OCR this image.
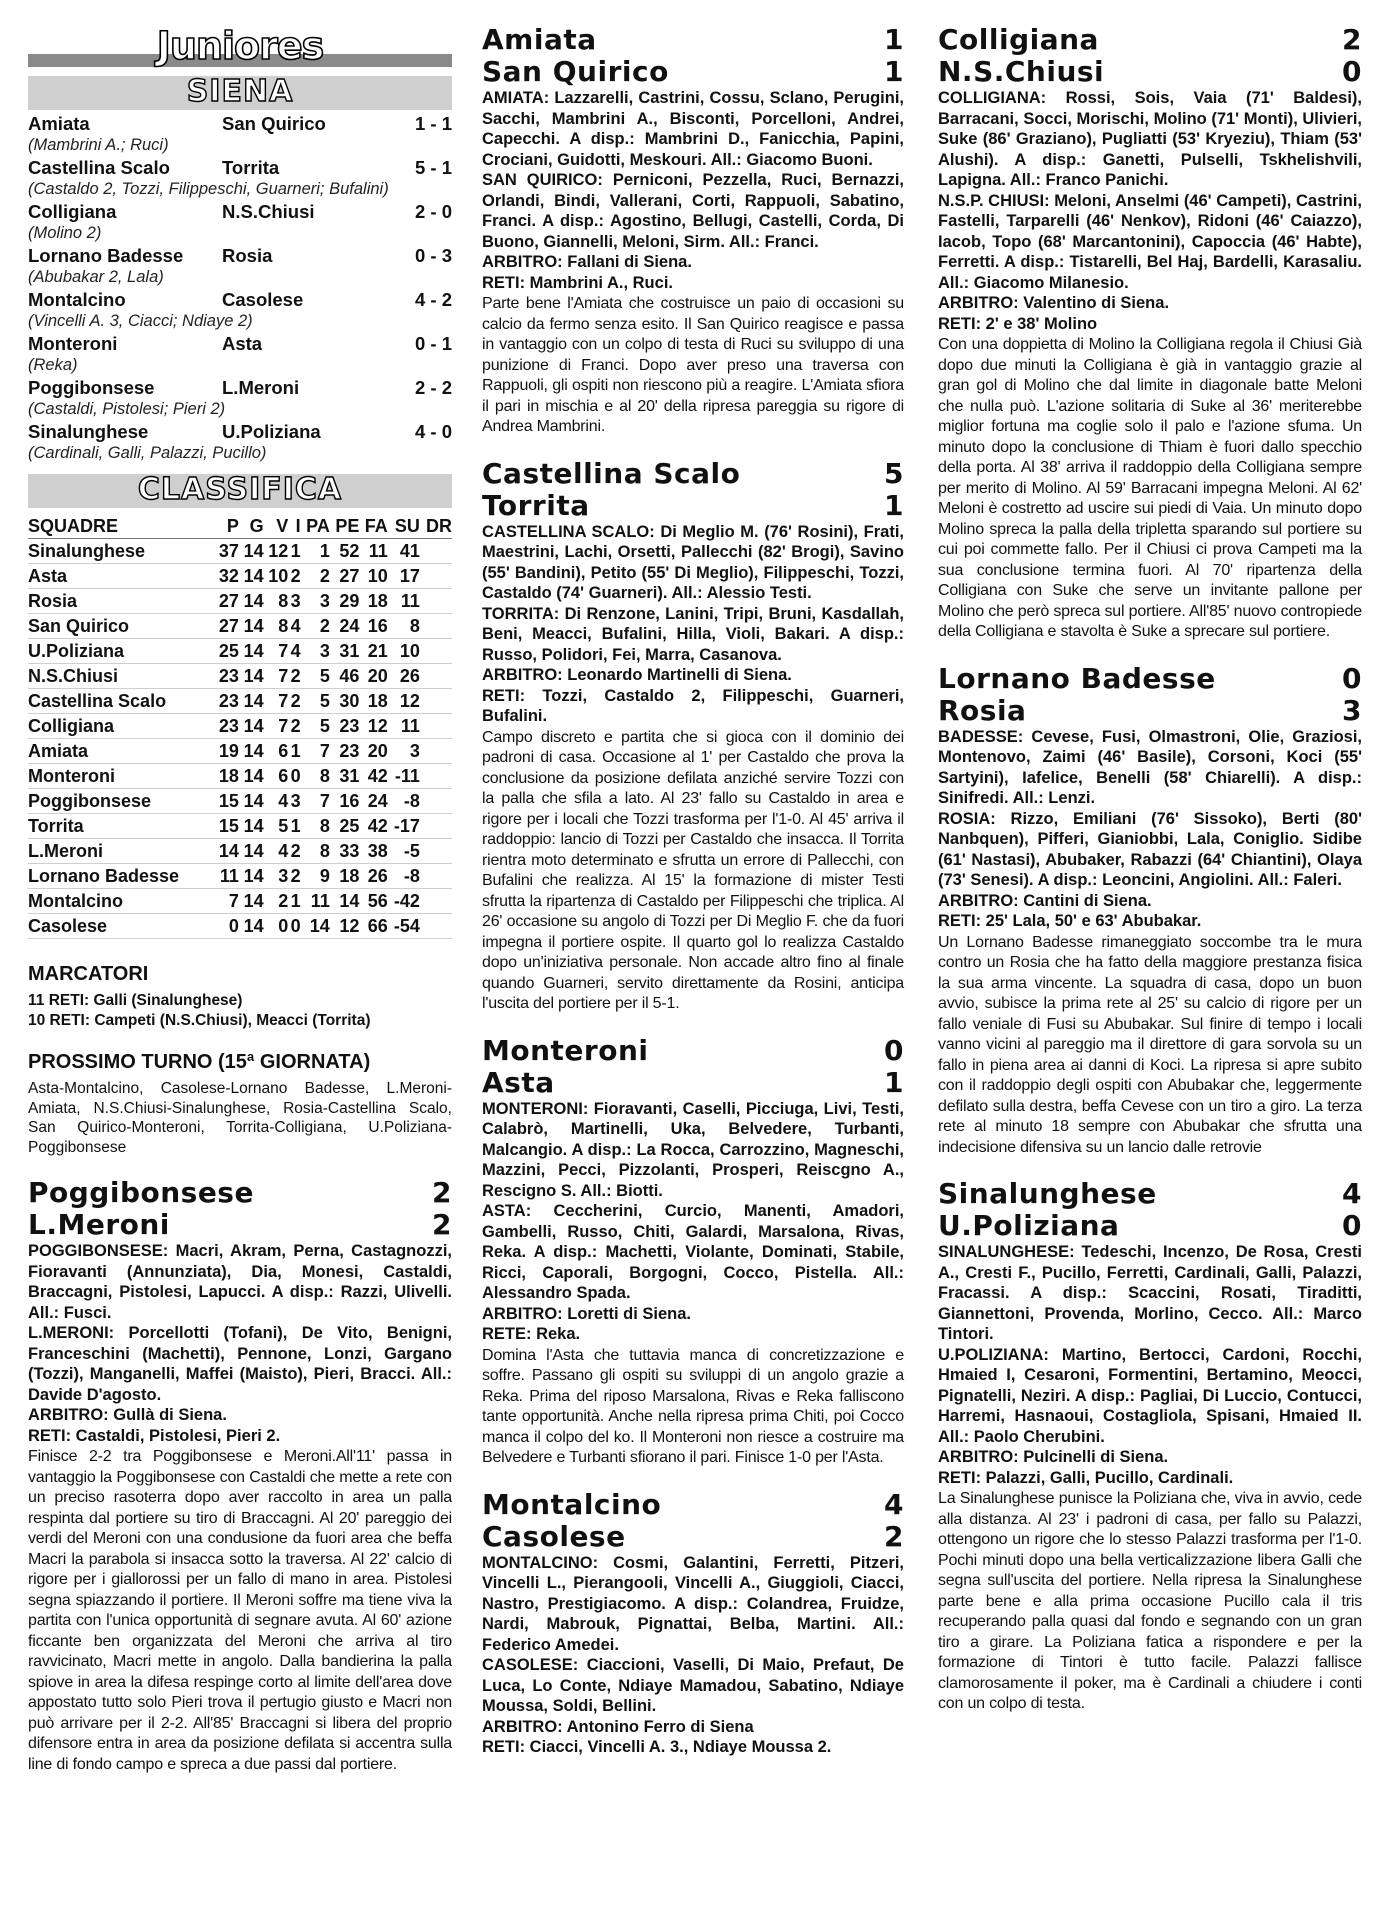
Juniores
SIENA
Amiata	San Quirico	1 - 1
(Mambrini A.; Ruci)
Castellina Scalo	Torrita	5 - 1
(Castaldo 2, Tozzi, Filippeschi, Guarneri; Bufalini)
Colligiana	N.S.Chiusi	2 - 0
(Molino 2)
Lornano Badesse	Rosia	0 - 3
(Abubakar 2, Lala)
Montalcino	Casolese	4 - 2
(Vincelli A. 3, Ciacci; Ndiaye 2)
Monteroni	Asta	0 - 1
(Reka)
Poggibonsese	L.Meroni	2 - 2
(Castaldi, Pistolesi; Pieri 2)
Sinalunghese	U.Poliziana	4 - 0
(Cardinali, Galli, Palazzi, Pucillo)
CLASSIFICA
SQUADRE	P	G	V	I	PA	PE	FA	SU	DR
Sinalunghese	37	14	12	1	1	52	11	41	
Asta	32	14	10	2	2	27	10	17	
Rosia	27	14	8	3	3	29	18	11	
San Quirico	27	14	8	4	2	24	16	8	
U.Poliziana	25	14	7	4	3	31	21	10	
N.S.Chiusi	23	14	7	2	5	46	20	26	
Castellina Scalo	23	14	7	2	5	30	18	12	
Colligiana	23	14	7	2	5	23	12	11	
Amiata	19	14	6	1	7	23	20	3	
Monteroni	18	14	6	0	8	31	42	-11	
Poggibonsese	15	14	4	3	7	16	24	-8	
Torrita	15	14	5	1	8	25	42	-17	
L.Meroni	14	14	4	2	8	33	38	-5	
Lornano Badesse	11	14	3	2	9	18	26	-8	
Montalcino	7	14	2	1	11	14	56	-42	
Casolese	0	14	0	0	14	12	66	-54	
MARCATORI
11 RETI: Galli (Sinalunghese)
10 RETI: Campeti (N.S.Chiusi), Meacci (Torrita)
PROSSIMO TURNO (15ª GIORNATA)
Asta-Montalcino, Casolese-Lornano Badesse, L.Meroni-Amiata, N.S.Chiusi-Sinalunghese, Rosia-Castellina Scalo, San Quirico-Monteroni, Torrita-Colligiana, U.Poliziana-Poggibonsese
Poggibonsese	2
L.Meroni	2

POGGIBONSESE: Macri, Akram, Perna, Castagnozzi, Fioravanti (Annunziata), Dia, Monesi, Castaldi, Braccagni, Pistolesi, Lapucci. A disp.: Razzi, Ulivelli. All.: Fusci.

L.MERONI: Porcellotti (Tofani), De Vito, Benigni, Franceschini (Machetti), Pennone, Lonzi, Gargano (Tozzi), Manganelli, Maffei (Maisto), Pieri, Bracci. All.: Davide D'agosto.

ARBITRO: Gullà di Siena.

RETI: Castaldi, Pistolesi, Pieri 2.

Finisce 2-2 tra Poggibonsese e Meroni.All'11' passa in vantaggio la Poggibonsese con Castaldi che mette a rete con un preciso rasoterra dopo aver raccolto in area un palla respinta dal portiere su tiro di Braccagni. Al 20' pareggio dei verdi del Meroni con una condusione da fuori area che beffa Macri la parabola si insacca sotto la traversa. Al 22' calcio di rigore per i giallorossi per un fallo di mano in area. Pistolesi segna spiazzando il portiere. Il Meroni soffre ma tiene viva la partita con l'unica opportunità di segnare avuta. Al 60' azione ficcante ben organizzata del Meroni che arriva al tiro ravvicinato, Macri mette in angolo. Dalla bandierina la palla spiove in area la difesa respinge corto al limite dell'area dove appostato tutto solo Pieri trova il pertugio giusto e Macri non può arrivare per il 2-2. All'85' Braccagni si libera del proprio difensore entra in area da posizione defilata si accentra sulla line di fondo campo e spreca a due passi dal portiere.

Amiata	1
San Quirico	1

AMIATA: Lazzarelli, Castrini, Cossu, Sclano, Perugini, Sacchi, Mambrini A., Bisconti, Porcelloni, Andrei, Capecchi. A disp.: Mambrini D., Fanicchia, Papini, Crociani, Guidotti, Meskouri. All.: Giacomo Buoni.

SAN QUIRICO: Perniconi, Pezzella, Ruci, Bernazzi, Orlandi, Bindi, Vallerani, Corti, Rappuoli, Sabatino, Franci. A disp.: Agostino, Bellugi, Castelli, Corda, Di Buono, Giannelli, Meloni, Sirm. All.: Franci.

ARBITRO: Fallani di Siena.

RETI: Mambrini A., Ruci.

Parte bene l'Amiata che costruisce un paio di occasioni su calcio da fermo senza esito. Il San Quirico reagisce e passa in vantaggio con un colpo di testa di Ruci su sviluppo di una punizione di Franci. Dopo aver preso una traversa con Rappuoli, gli ospiti non riescono più a reagire. L'Amiata sfiora il pari in mischia e al 20' della ripresa pareggia su rigore di Andrea Mambrini.

Castellina Scalo	5
Torrita	1

CASTELLINA SCALO: Di Meglio M. (76' Rosini), Frati, Maestrini, Lachi, Orsetti, Pallecchi (82' Brogi), Savino (55' Bandini), Petito (55' Di Meglio), Filippeschi, Tozzi, Castaldo (74' Guarneri). All.: Alessio Testi.

TORRITA: Di Renzone, Lanini, Tripi, Bruni, Kasdallah, Beni, Meacci, Bufalini, Hilla, Violi, Bakari. A disp.: Russo, Polidori, Fei, Marra, Casanova.

ARBITRO: Leonardo Martinelli di Siena.

RETI: Tozzi, Castaldo 2, Filippeschi, Guarneri, Bufalini.

Campo discreto e partita che si gioca con il dominio dei padroni di casa. Occasione al 1' per Castaldo che prova la conclusione da posizione defilata anziché servire Tozzi con la palla che sfila a lato. Al 23' fallo su Castaldo in area e rigore per i locali che Tozzi trasforma per l'1-0. Al 45' arriva il raddoppio: lancio di Tozzi per Castaldo che insacca. Il Torrita rientra moto determinato e sfrutta un errore di Pallecchi, con Bufalini che realizza. Al 15' la formazione di mister Testi sfrutta la ripartenza di Castaldo per Filippeschi che triplica. Al 26' occasione su angolo di Tozzi per Di Meglio F. che da fuori impegna il portiere ospite. Il quarto gol lo realizza Castaldo dopo un'iniziativa personale. Non accade altro fino al finale quando Guarneri, servito direttamente da Rosini, anticipa l'uscita del portiere per il 5-1.

Monteroni	0
Asta	1

MONTERONI: Fioravanti, Caselli, Picciuga, Livi, Testi, Calabrò, Martinelli, Uka, Belvedere, Turbanti, Malcangio. A disp.: La Rocca, Carrozzino, Magneschi, Mazzini, Pecci, Pizzolanti, Prosperi, Reiscgno A., Rescigno S. All.: Biotti.

ASTA: Ceccherini, Curcio, Manenti, Amadori, Gambelli, Russo, Chiti, Galardi, Marsalona, Rivas, Reka. A disp.: Machetti, Violante, Dominati, Stabile, Ricci, Caporali, Borgogni, Cocco, Pistella. All.: Alessandro Spada.

ARBITRO: Loretti di Siena.

RETE: Reka.

Domina l'Asta che tuttavia manca di concretizzazione e soffre. Passano gli ospiti su sviluppi di un angolo grazie a Reka. Prima del riposo Marsalona, Rivas e Reka falliscono tante opportunità. Anche nella ripresa prima Chiti, poi Cocco manca il colpo del ko. Il Monteroni non riesce a costruire ma Belvedere e Turbanti sfiorano il pari. Finisce 1-0 per l'Asta.

Montalcino	4
Casolese	2

MONTALCINO: Cosmi, Galantini, Ferretti, Pitzeri, Vincelli L., Pierangooli, Vincelli A., Giuggioli, Ciacci, Nastro, Prestigiacomo. A disp.: Colandrea, Fruidze, Nardi, Mabrouk, Pignattai, Belba, Martini. All.: Federico Amedei.

CASOLESE: Ciaccioni, Vaselli, Di Maio, Prefaut, De Luca, Lo Conte, Ndiaye Mamadou, Sabatino, Ndiaye Moussa, Soldi, Bellini.

ARBITRO: Antonino Ferro di Siena

RETI: Ciacci, Vincelli A. 3., Ndiaye Moussa 2.

Colligiana	2
N.S.Chiusi	0

COLLIGIANA: Rossi, Sois, Vaia (71' Baldesi), Barracani, Socci, Morischi, Molino (71' Monti), Ulivieri, Suke (86' Graziano), Pugliatti (53' Kryeziu), Thiam (53' Alushi). A disp.: Ganetti, Pulselli, Tskhelishvili, Lapigna. All.: Franco Panichi.

N.S.P. CHIUSI: Meloni, Anselmi (46' Campeti), Castrini, Fastelli, Tarparelli (46' Nenkov), Ridoni (46' Caiazzo), Iacob, Topo (68' Marcantonini), Capoccia (46' Habte), Ferretti. A disp.: Tistarelli, Bel Haj, Bardelli, Karasaliu. All.: Giacomo Milanesio.

ARBITRO: Valentino di Siena.

RETI: 2' e 38' Molino

Con una doppietta di Molino la Colligiana regola il Chiusi Già dopo due minuti la Colligiana è già in vantaggio grazie al gran gol di Molino che dal limite in diagonale batte Meloni che nulla può. L'azione solitaria di Suke al 36' meriterebbe miglior fortuna ma coglie solo il palo e l'azione sfuma. Un minuto dopo la conclusione di Thiam è fuori dallo specchio della porta. Al 38' arriva il raddoppio della Colligiana sempre per merito di Molino. Al 59' Barracani impegna Meloni. Al 62' Meloni è costretto ad uscire sui piedi di Vaia. Un minuto dopo Molino spreca la palla della tripletta sparando sul portiere su cui poi commette fallo. Per il Chiusi ci prova Campeti ma la sua conclusione termina fuori. Al 70' ripartenza della Colligiana con Suke che serve un invitante pallone per Molino che però spreca sul portiere. All'85' nuovo contropiede della Colligiana e stavolta è Suke a sprecare sul portiere.

Lornano Badesse	0
Rosia	3

BADESSE: Cevese, Fusi, Olmastroni, Olie, Graziosi, Montenovo, Zaimi (46' Basile), Corsoni, Koci (55' Sartyini), Iafelice, Benelli (58' Chiarelli). A disp.: Sinifredi. All.: Lenzi.

ROSIA: Rizzo, Emiliani (76' Sissoko), Berti (80' Nanbquen), Pifferi, Gianiobbi, Lala, Coniglio. Sidibe (61' Nastasi), Abubaker, Rabazzi (64' Chiantini), Olaya (73' Senesi). A disp.: Leoncini, Angiolini. All.: Faleri.

ARBITRO: Cantini di Siena.

RETI: 25' Lala, 50' e 63' Abubakar.

Un Lornano Badesse rimaneggiato soccombe tra le mura contro un Rosia che ha fatto della maggiore prestanza fisica la sua arma vincente. La squadra di casa, dopo un buon avvio, subisce la prima rete al 25' su calcio di rigore per un fallo veniale di Fusi su Abubakar. Sul finire di tempo i locali vanno vicini al pareggio ma il direttore di gara sorvola su un fallo in piena area ai danni di Koci. La ripresa si apre subito con il raddoppio degli ospiti con Abubakar che, leggermente defilato sulla destra, beffa Cevese con un tiro a giro. La terza rete al minuto 18 sempre con Abubakar che sfrutta una indecisione difensiva su un lancio dalle retrovie

Sinalunghese	4
U.Poliziana	0

SINALUNGHESE: Tedeschi, Incenzo, De Rosa, Cresti A., Cresti F., Pucillo, Ferretti, Cardinali, Galli, Palazzi, Fracassi. A disp.: Scaccini, Rosati, Tiraditti, Giannettoni, Provenda, Morlino, Cecco. All.: Marco Tintori.

U.POLIZIANA: Martino, Bertocci, Cardoni, Rocchi, Hmaied I, Cesaroni, Formentini, Bertamino, Meocci, Pignatelli, Neziri. A disp.: Pagliai, Di Luccio, Contucci, Harremi, Hasnaoui, Costagliola, Spisani, Hmaied II. All.: Paolo Cherubini.

ARBITRO: Pulcinelli di Siena.

RETI: Palazzi, Galli, Pucillo, Cardinali.

La Sinalunghese punisce la Poliziana che, viva in avvio, cede alla distanza. Al 23' i padroni di casa, per fallo su Palazzi, ottengono un rigore che lo stesso Palazzi trasforma per l'1-0. Pochi minuti dopo una bella verticalizzazione libera Galli che segna sull'uscita del portiere. Nella ripresa la Sinalunghese parte bene e alla prima occasione Pucillo cala il tris recuperando palla quasi dal fondo e segnando con un gran tiro a girare. La Poliziana fatica a rispondere e per la formazione di Tintori è tutto facile. Palazzi fallisce clamorosamente il poker, ma è Cardinali a chiudere i conti con un colpo di testa.
